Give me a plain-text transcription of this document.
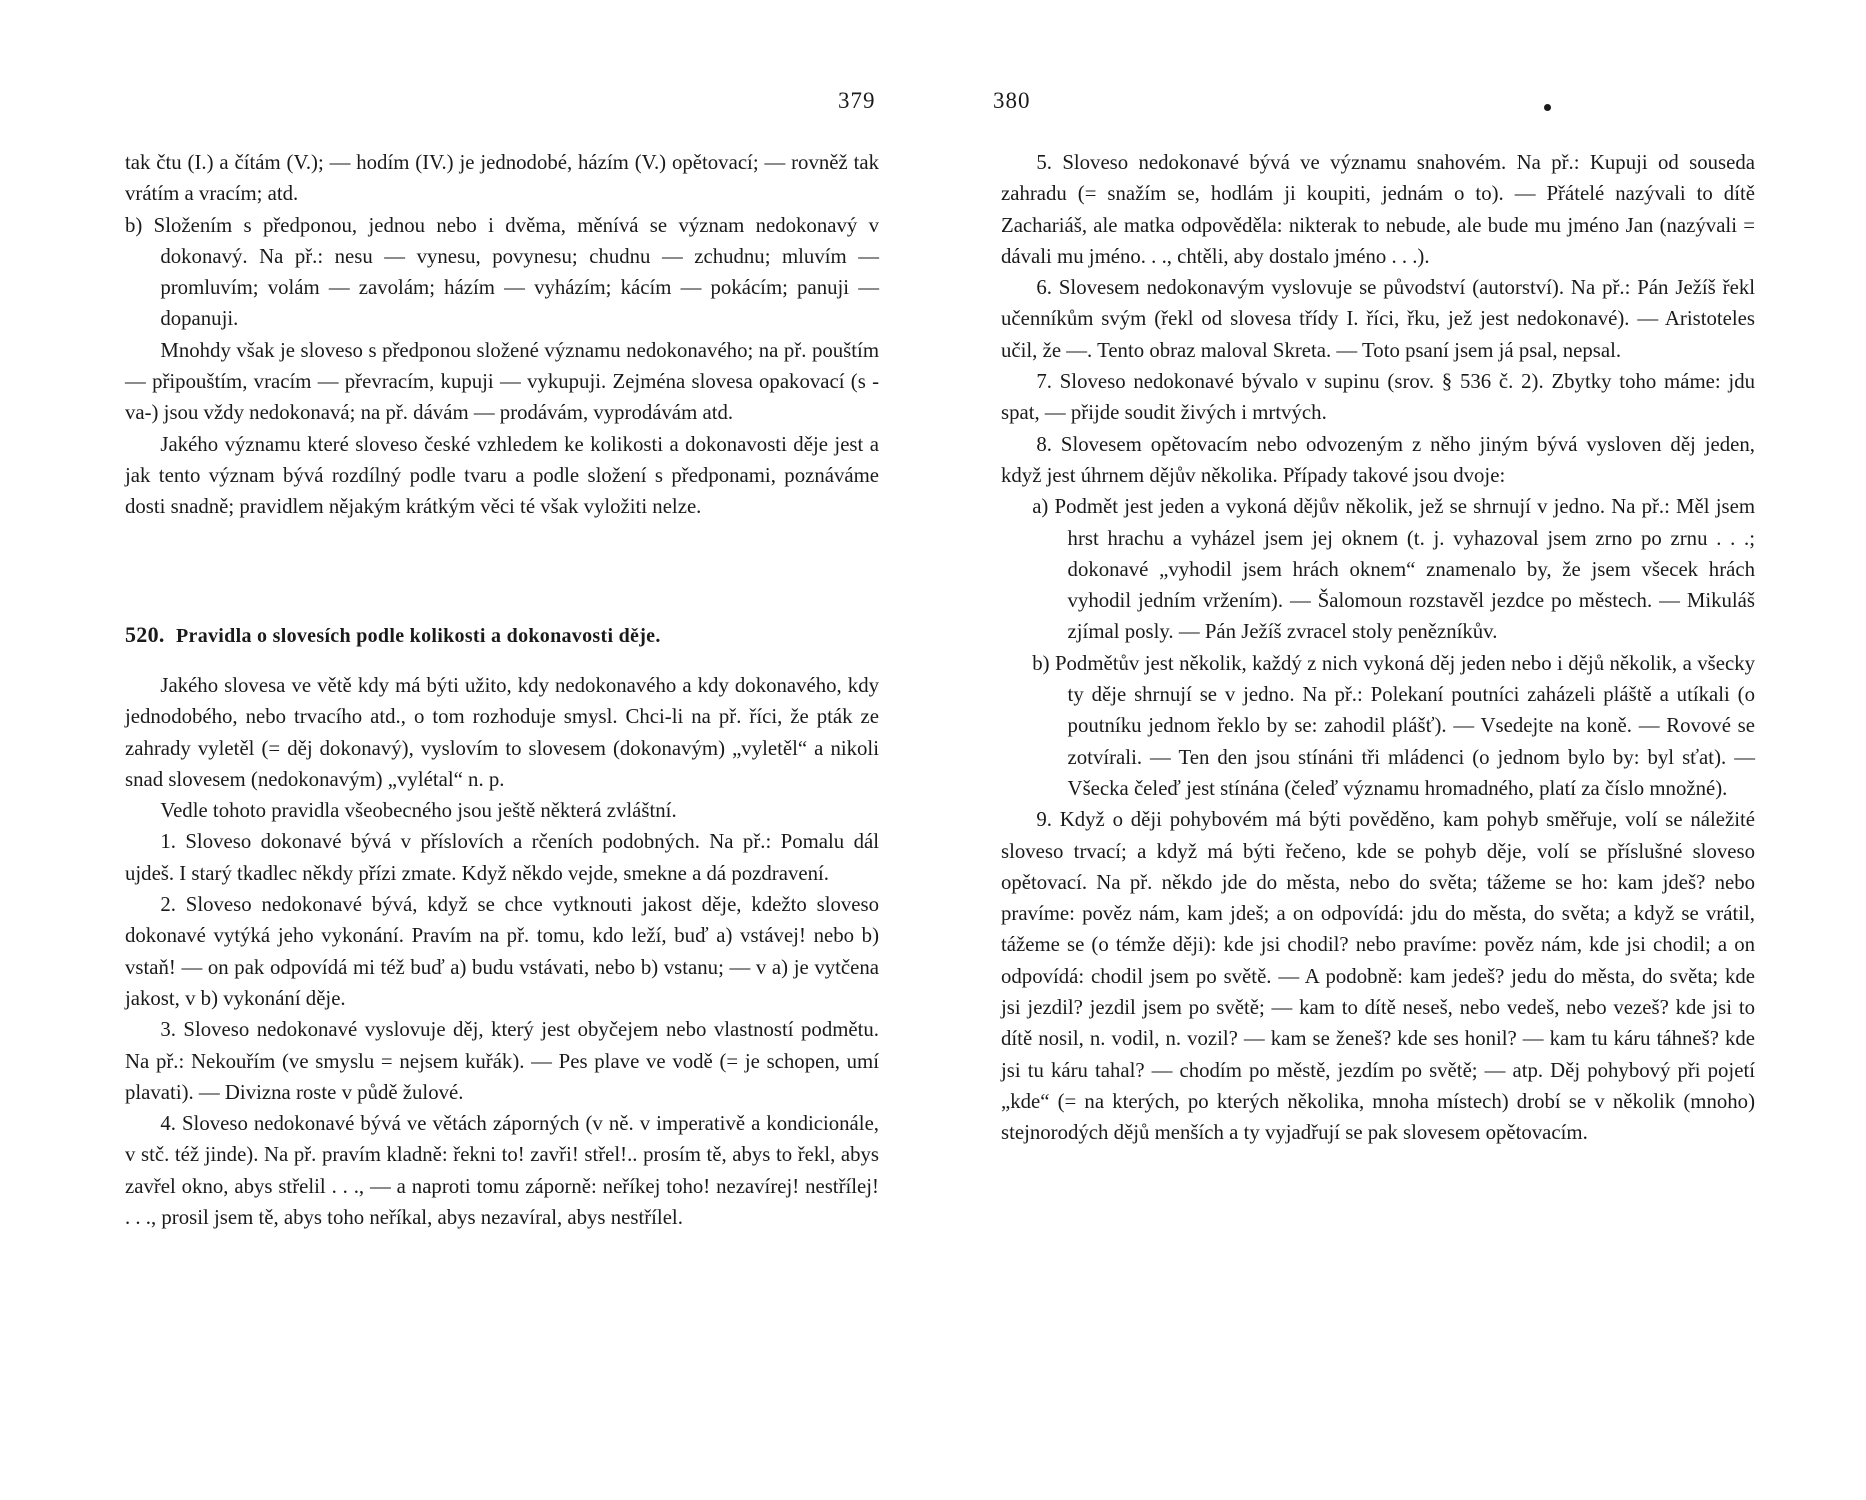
379

tak čtu (I.) a čítám (V.); — hodím (IV.) je jednodobé, házím (V.) opětovací; — rovněž tak vrátím a vracím; atd.

b) Složením s předponou, jednou nebo i dvěma, měnívá se význam nedokonavý v dokonavý. Na př.: nesu — vynesu, povynesu; chudnu — zchudnu; mluvím — promluvím; volám — zavolám; házím — vyházím; kácím — pokácím; panuji — dopanuji.

Mnohdy však je sloveso s předponou složené významu nedokonavého; na př. pouštím — připouštím, vracím — převracím, kupuji — vykupuji. Zejména slovesa opakovací (s -va-) jsou vždy nedokonavá; na př. dávám — prodávám, vyprodávám atd.

Jakého významu které sloveso české vzhledem ke kolikosti a dokonavosti děje jest a jak tento význam bývá rozdílný podle tvaru a podle složení s předponami, poznáváme dosti snadně; pravidlem nějakým krátkým věci té však vyložiti nelze.

520. Pravidla o slovesích podle kolikosti a dokonavosti děje.

Jakého slovesa ve větě kdy má býti užito, kdy nedokonavého a kdy dokonavého, kdy jednodobého, nebo trvacího atd., o tom rozhoduje smysl. Chci-li na př. říci, že pták ze zahrady vyletěl (= děj dokonavý), vyslovím to slovesem (dokonavým) „vyletěl“ a nikoli snad slovesem (nedokonavým) „vylétal“ n. p.

Vedle tohoto pravidla všeobecného jsou ještě některá zvláštní.

1. Sloveso dokonavé bývá v příslovích a rčeních podobných. Na př.: Pomalu dál ujdeš. I starý tkadlec někdy přízi zmate. Když někdo vejde, smekne a dá pozdravení.

2. Sloveso nedokonavé bývá, když se chce vytknouti jakost děje, kdežto sloveso dokonavé vytýká jeho vykonání. Pravím na př. tomu, kdo leží, buď a) vstávej! nebo b) vstaň! — on pak odpovídá mi též buď a) budu vstávati, nebo b) vstanu; — v a) je vytčena jakost, v b) vykonání děje.

3. Sloveso nedokonavé vyslovuje děj, který jest obyčejem nebo vlastností podmětu. Na př.: Nekouřím (ve smyslu = nejsem kuřák). — Pes plave ve vodě (= je schopen, umí plavati). — Divizna roste v půdě žulové.

4. Sloveso nedokonavé bývá ve větách záporných (v ně. v imperativě a kondicionále, v stč. též jinde). Na př. pravím kladně: řekni to! zavři! střel!.. prosím tě, abys to řekl, abys zavřel okno, abys střelil . . ., — a naproti tomu záporně: neříkej toho! nezavírej! nestřílej! . . ., prosil jsem tě, abys toho neříkal, abys nezavíral, abys nestřílel.

380

5. Sloveso nedokonavé bývá ve významu snahovém. Na př.: Kupuji od souseda zahradu (= snažím se, hodlám ji koupiti, jednám o to). — Přátelé nazývali to dítě Zachariáš, ale matka odpověděla: nikterak to nebude, ale bude mu jméno Jan (nazývali = dávali mu jméno. . ., chtěli, aby dostalo jméno . . .).

6. Slovesem nedokonavým vyslovuje se původství (autorství). Na př.: Pán Ježíš řekl učenníkům svým (řekl od slovesa třídy I. říci, řku, jež jest nedokonavé). — Aristoteles učil, že —. Tento obraz maloval Skreta. — Toto psaní jsem já psal, nepsal.

7. Sloveso nedokonavé bývalo v supinu (srov. § 536 č. 2). Zbytky toho máme: jdu spat, — přijde soudit živých i mrtvých.

8. Slovesem opětovacím nebo odvozeným z něho jiným bývá vysloven děj jeden, když jest úhrnem dějův několika. Případy takové jsou dvoje:

a) Podmět jest jeden a vykoná dějův několik, jež se shrnují v jedno. Na př.: Měl jsem hrst hrachu a vyházel jsem jej oknem (t. j. vyhazoval jsem zrno po zrnu . . .; dokonavé „vyhodil jsem hrách oknem“ znamenalo by, že jsem všecek hrách vyhodil jedním vržením). — Šalomoun rozstavěl jezdce po městech. — Mikuláš zjímal posly. — Pán Ježíš zvracel stoly penězníkův.

b) Podmětův jest několik, každý z nich vykoná děj jeden nebo i dějů několik, a všecky ty děje shrnují se v jedno. Na př.: Polekaní poutníci zaházeli pláště a utíkali (o poutníku jednom řeklo by se: zahodil plášť). — Vsedejte na koně. — Rovové se zotvírali. — Ten den jsou stínáni tři mládenci (o jednom bylo by: byl sťat). — Všecka čeleď jest stínána (čeleď významu hromadného, platí za číslo množné).

9. Když o ději pohybovém má býti pověděno, kam pohyb směřuje, volí se náležité sloveso trvací; a když má býti řečeno, kde se pohyb děje, volí se příslušné sloveso opětovací. Na př. někdo jde do města, nebo do světa; tážeme se ho: kam jdeš? nebo pravíme: pověz nám, kam jdeš; a on odpovídá: jdu do města, do světa; a když se vrátil, tážeme se (o témže ději): kde jsi chodil? nebo pravíme: pověz nám, kde jsi chodil; a on odpovídá: chodil jsem po světě. — A podobně: kam jedeš? jedu do města, do světa; kde jsi jezdil? jezdil jsem po světě; — kam to dítě neseš, nebo vedeš, nebo vezeš? kde jsi to dítě nosil, n. vodil, n. vozil? — kam se ženeš? kde ses honil? — kam tu káru táhneš? kde jsi tu káru tahal? — chodím po městě, jezdím po světě; — atp. Děj pohybový při pojetí „kde“ (= na kterých, po kterých několika, mnoha místech) drobí se v několik (mnoho) stejnorodých dějů menších a ty vyjadřují se pak slovesem opětovacím.
